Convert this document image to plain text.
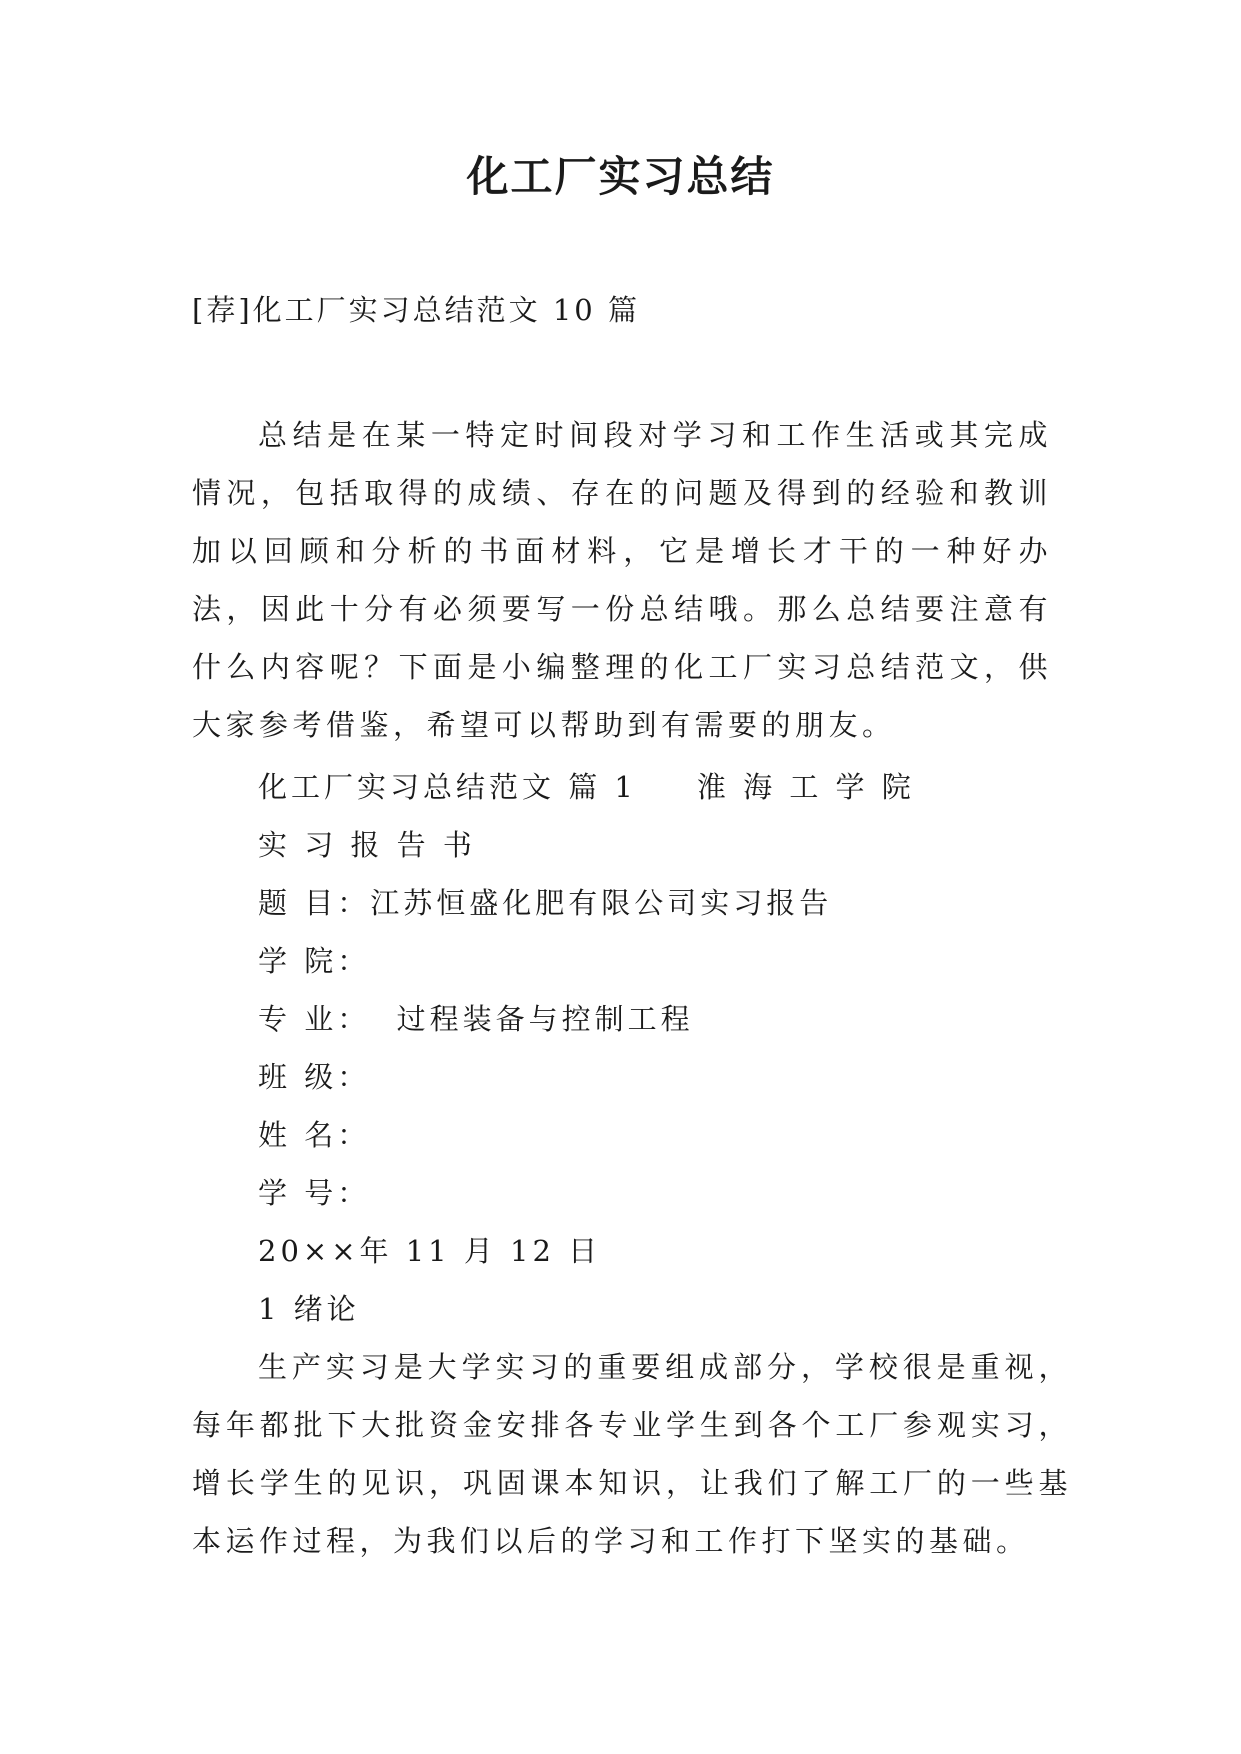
化工厂实习总结
[荐]化工厂实习总结范文 10 篇

总结是在某一特定时间段对学习和工作生活或其完成情况，包括取得的成绩、存在的问题及得到的经验和教训加以回顾和分析的书面材料，它是增长才干的一种好办法，因此十分有必须要写一份总结哦。那么总结要注意有什么内容呢？下面是小编整理的化工厂实习总结范文，供大家参考借鉴，希望可以帮助到有需要的朋友。

化工厂实习总结范文 篇 1 淮 海 工 学 院
实 习 报 告 书
题 目：江苏恒盛化肥有限公司实习报告
学 院：
专 业：  过程装备与控制工程
班 级：
姓 名：
学 号：
20××年 11 月 12 日
1 绪论

生产实习是大学实习的重要组成部分，学校很是重视，每年都批下大批资金安排各专业学生到各个工厂参观实习，增长学生的见识，巩固课本知识，让我们了解工厂的一些基本运作过程，为我们以后的学习和工作打下坚实的基础。
